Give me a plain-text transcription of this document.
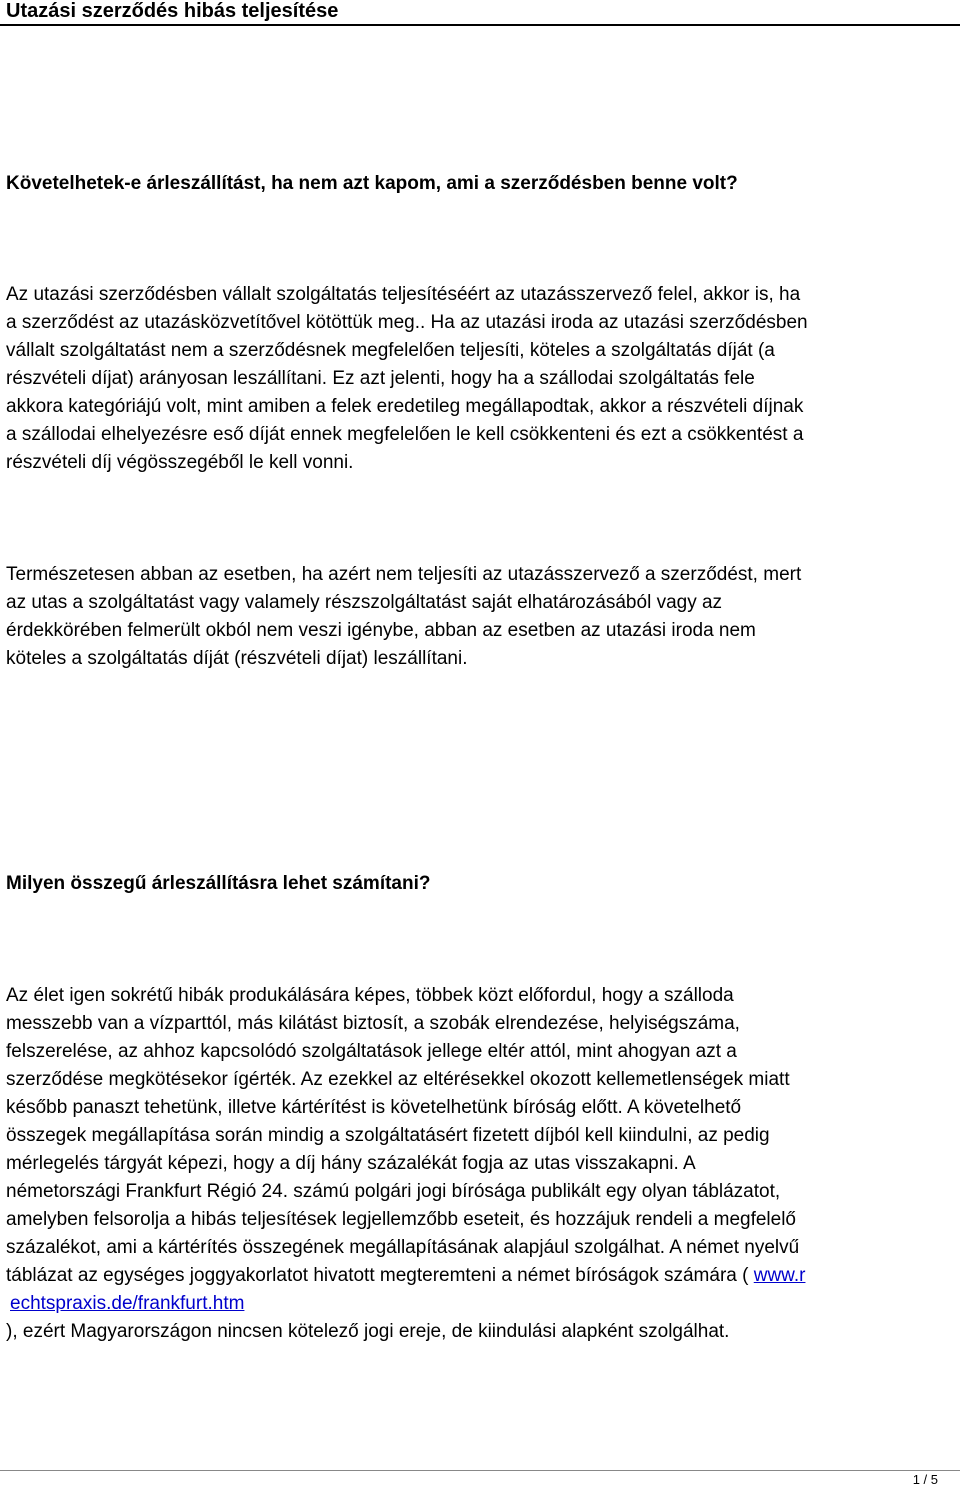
Utazási szerződés hibás teljesítése
Követelhetek-e árleszállítást, ha nem azt kapom, ami a szerződésben benne volt?
Az utazási szerződésben vállalt szolgáltatás teljesítéséért az utazásszervező felel, akkor is, ha
a szerződést az utazásközvetítővel kötöttük meg.. Ha az utazási iroda az utazási szerződésben
vállalt szolgáltatást nem a szerződésnek megfelelően teljesíti, köteles a szolgáltatás díját (a
részvételi díjat) arányosan leszállítani. Ez azt jelenti, hogy ha a szállodai szolgáltatás fele
akkora kategóriájú volt, mint amiben a felek eredetileg megállapodtak, akkor a részvételi díjnak
a szállodai elhelyezésre eső díját ennek megfelelően le kell csökkenteni és ezt a csökkentést a
részvételi díj végösszegéből le kell vonni.
Természetesen abban az esetben, ha azért nem teljesíti az utazásszervező a szerződést, mert
az utas a szolgáltatást vagy valamely részszolgáltatást saját elhatározásából vagy az
érdekkörében felmerült okból nem veszi igénybe, abban az esetben az utazási iroda nem
köteles a szolgáltatás díját (részvételi díjat) leszállítani.
Milyen összegű árleszállításra lehet számítani?
Az élet igen sokrétű hibák produkálására képes, többek közt előfordul, hogy a szálloda
messzebb van a vízparttól, más kilátást biztosít, a szobák elrendezése, helyiségszáma,
felszerelése, az ahhoz kapcsolódó szolgáltatások jellege eltér attól, mint ahogyan azt a
szerződése megkötésekor ígérték. Az ezekkel az eltérésekkel okozott kellemetlenségek miatt
később panaszt tehetünk, illetve kártérítést is követelhetünk bíróság előtt. A követelhető
összegek megállapítása során mindig a szolgáltatásért fizetett díjból kell kiindulni, az pedig
mérlegelés tárgyát képezi, hogy a díj hány százalékát fogja az utas visszakapni. A
németországi Frankfurt Régió 24. számú polgári jogi bírósága publikált egy olyan táblázatot,
amelyben felsorolja a hibás teljesítések legjellemzőbb eseteit, és hozzájuk rendeli a megfelelő
százalékot, ami a kártérítés összegének megállapításának alapjául szolgálhat. A német nyelvű
táblázat az egységes joggyakorlatot hivatott megteremteni a német bíróságok számára ( www.r
echtspraxis.de/frankfurt.htm
), ezért Magyarországon nincsen kötelező jogi ereje, de kiindulási alapként szolgálhat.
1 / 5
